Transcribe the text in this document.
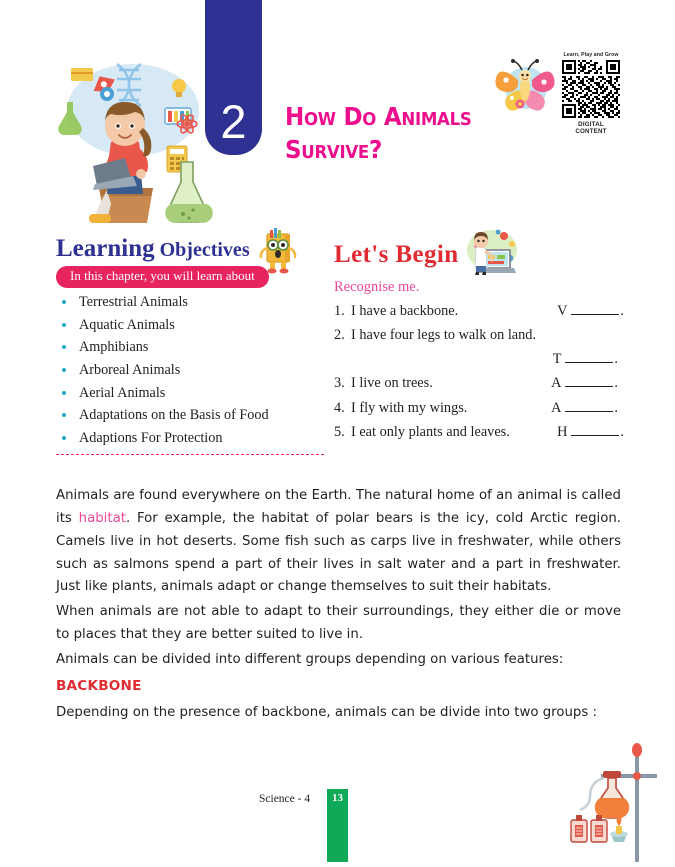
2 How Do Animals
Survive?
Learn, Play and Grow
DIGITAL CONTENT
Learning Objectives
In this chapter, you will learn about
Terrestrial Animals
Aquatic Animals
Amphibians
Arboreal Animals
Aerial Animals
Adaptations on the Basis of Food
Adaptions For Protection
Let's Begin
Recognise me.
1. I have a backbone.	V	.
2. I have four legs to walk on land.
T	.
3. I live on trees.	A	.
4. I fly with my wings.	A	.
5. I eat only plants and leaves.	H	.

Animals are found everywhere on the Earth. The natural home of an animal is called its habitat. For example, the habitat of polar bears is the icy, cold Arctic region. Camels live in hot deserts. Some fish such as carps live in freshwater, while others such as salmons spend a part of their lives in salt water and a part in freshwater. Just like plants, animals adapt or change themselves to suit their habitats.

When animals are not able to adapt to their surroundings, they either die or move to places that they are better suited to live in.

Animals can be divided into different groups depending on various features:

BACKBONE

Depending on the presence of backbone, animals can be divide into two groups :

Science - 4 13
